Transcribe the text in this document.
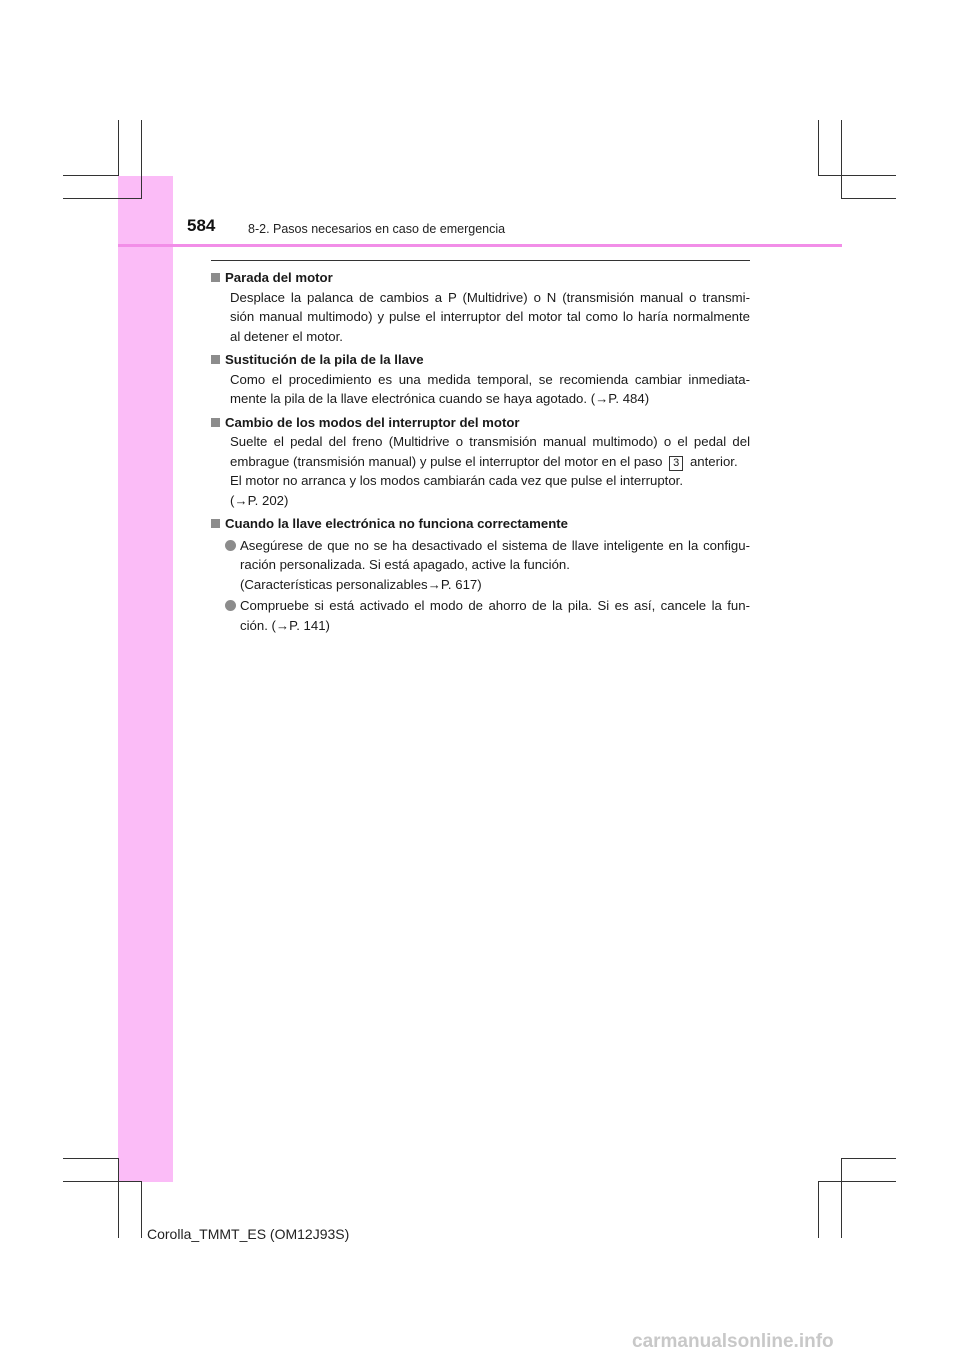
584	8-2. Pasos necesarios en caso de emergencia
Parada del motor
Desplace la palanca de cambios a P (Multidrive) o N (transmisión manual o transmi-
sión manual multimodo) y pulse el interruptor del motor tal como lo haría normalmente
al detener el motor.
Sustitución de la pila de la llave
Como el procedimiento es una medida temporal, se recomienda cambiar inmediata-
mente la pila de la llave electrónica cuando se haya agotado. (→P. 484)
Cambio de los modos del interruptor del motor
Suelte el pedal del freno (Multidrive o transmisión manual multimodo) o el pedal del
embrague (transmisión manual) y pulse el interruptor del motor en el paso 3 anterior.
El motor no arranca y los modos cambiarán cada vez que pulse el interruptor.
(→P. 202)
Cuando la llave electrónica no funciona correctamente
Asegúrese de que no se ha desactivado el sistema de llave inteligente en la configu-
ración personalizada. Si está apagado, active la función.
(Características personalizables→P. 617)
Compruebe si está activado el modo de ahorro de la pila. Si es así, cancele la fun-
ción. (→P. 141)
Corolla_TMMT_ES (OM12J93S)
carmanualsonline.info
